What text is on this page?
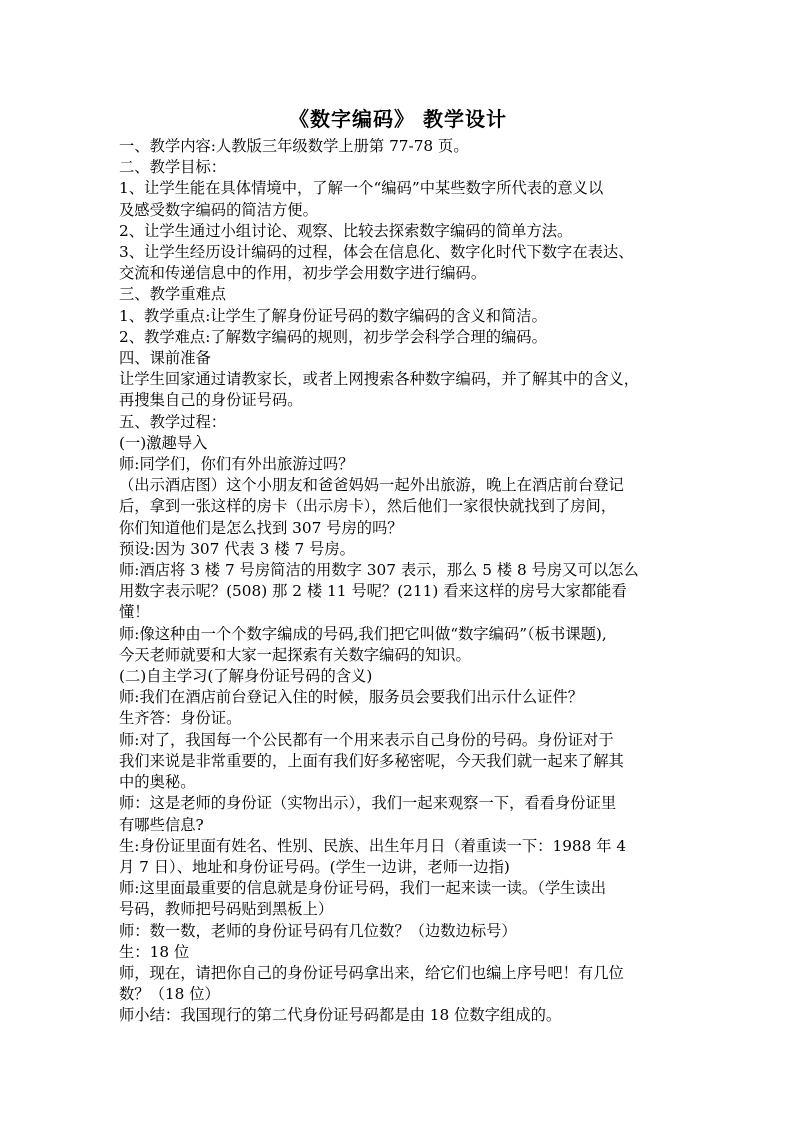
《数字编码》 教学设计

一、教学内容:人教版三年级数学上册第 77-78 页。

二、教学目标：

1、让学生能在具体情境中，了解一个“编码”中某些数字所代表的意义以

及感受数字编码的简洁方便。

2、让学生通过小组讨论、观察、比较去探索数字编码的简单方法。

3、让学生经历设计编码的过程，体会在信息化、数字化时代下数字在表达、

交流和传递信息中的作用，初步学会用数字进行编码。

三、教学重难点

1、教学重点:让学生了解身份证号码的数字编码的含义和简洁。

2、教学难点:了解数字编码的规则，初步学会科学合理的编码。

四、课前准备

让学生回家通过请教家长，或者上网搜索各种数字编码，并了解其中的含义，

再搜集自己的身份证号码。

五、教学过程：

(一)激趣导入

师:同学们，你们有外出旅游过吗？

（出示酒店图）这个小朋友和爸爸妈妈一起外出旅游，晚上在酒店前台登记

后，拿到一张这样的房卡（出示房卡），然后他们一家很快就找到了房间，

你们知道他们是怎么找到 307 号房的吗？

预设:因为 307 代表 3 楼 7 号房。

师:酒店将 3 楼 7 号房简洁的用数字 307 表示，那么 5 楼 8 号房又可以怎么

用数字表示呢？(508) 那 2 楼 11 号呢？(211) 看来这样的房号大家都能看

懂！

师:像这种由一个个数字编成的号码,我们把它叫做“数字编码”（板书课题),

今天老师就要和大家一起探索有关数字编码的知识。

(二)自主学习(了解身份证号码的含义)

师:我们在酒店前台登记入住的时候，服务员会要我们出示什么证件？

生齐答：身份证。

师:对了，我国每一个公民都有一个用来表示自己身份的号码。身份证对于

我们来说是非常重要的，上面有我们好多秘密呢，今天我们就一起来了解其

中的奥秘。

师：这是老师的身份证（实物出示），我们一起来观察一下，看看身份证里

有哪些信息?

生:身份证里面有姓名、性别、民族、出生年月日（着重读一下：1988 年 4

月 7 日）、地址和身份证号码。(学生一边讲，老师一边指)

师:这里面最重要的信息就是身份证号码，我们一起来读一读。（学生读出

号码，教师把号码贴到黑板上）

师：数一数，老师的身份证号码有几位数？（边数边标号）

生：18 位

师，现在，请把你自己的身份证号码拿出来，给它们也编上序号吧！有几位

数？（18 位）

师小结：我国现行的第二代身份证号码都是由 18 位数字组成的。
